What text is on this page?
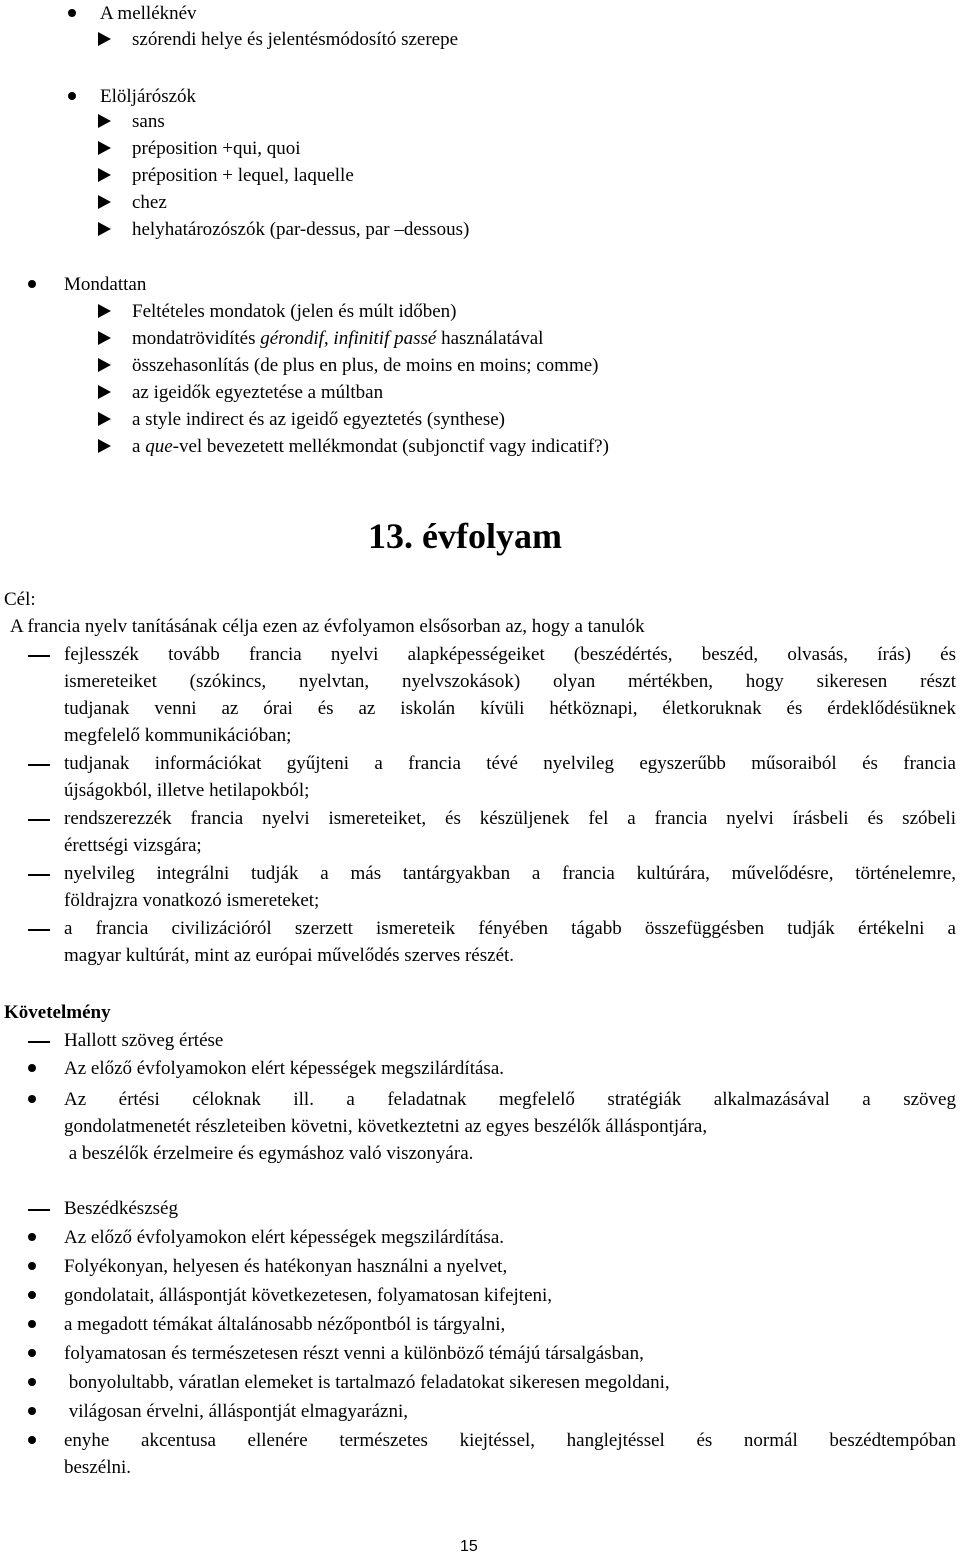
A melléknév
szórendi helye és jelentésmódosító szerepe
Elöljárószók
sans
préposition +qui, quoi
préposition + lequel, laquelle
chez
helyhatározószók (par-dessus, par –dessous)
Mondattan
Feltételes mondatok (jelen és múlt időben)
mondatrövidítés gérondif, infinitif passé használatával
összehasonlítás (de plus en plus, de moins en moins; comme)
az igeidők egyeztetése a múltban
a style indirect és az igeidő egyeztetés (synthese)
a que-vel bevezetett mellékmondat (subjonctif vagy indicatif?)
13. évfolyam
Cél:
A francia nyelv tanításának célja ezen az évfolyamon elsősorban az, hogy a tanulók
fejlesszék tovább francia nyelvi alapképességeiket (beszédértés, beszéd, olvasás, írás) és
ismereteiket (szókincs, nyelvtan, nyelvszokások) olyan mértékben, hogy sikeresen részt
tudjanak venni az órai és az iskolán kívüli hétköznapi, életkoruknak és érdeklődésüknek
megfelelő kommunikációban;
tudjanak információkat gyűjteni a francia tévé nyelvileg egyszerűbb műsoraiból és francia
újságokból, illetve hetilapokból;
rendszerezzék francia nyelvi ismereteiket, és készüljenek fel a francia nyelvi írásbeli és szóbeli
érettségi vizsgára;
nyelvileg integrálni tudják a más tantárgyakban a francia kultúrára, művelődésre, történelemre,
földrajzra vonatkozó ismereteket;
a francia civilizációról szerzett ismereteik fényében tágabb összefüggésben tudják értékelni a
magyar kultúrát, mint az európai művelődés szerves részét.
Követelmény
Hallott szöveg értése
Az előző évfolyamokon elért képességek megszilárdítása.
Az értési céloknak ill. a feladatnak megfelelő stratégiák alkalmazásával a szöveg
gondolatmenetét részleteiben követni, következtetni az egyes beszélők álláspontjára,
a beszélők érzelmeire és egymáshoz való viszonyára.
Beszédkészség
Az előző évfolyamokon elért képességek megszilárdítása.
Folyékonyan, helyesen és hatékonyan használni a nyelvet,
gondolatait, álláspontját következetesen, folyamatosan kifejteni,
a megadott témákat általánosabb nézőpontból is tárgyalni,
folyamatosan és természetesen részt venni a különböző témájú társalgásban,
bonyolultabb, váratlan elemeket is tartalmazó feladatokat sikeresen megoldani,
világosan érvelni, álláspontját elmagyarázni,
enyhe akcentusa ellenére természetes kiejtéssel, hanglejtéssel és normál beszédtempóban
beszélni.
15
